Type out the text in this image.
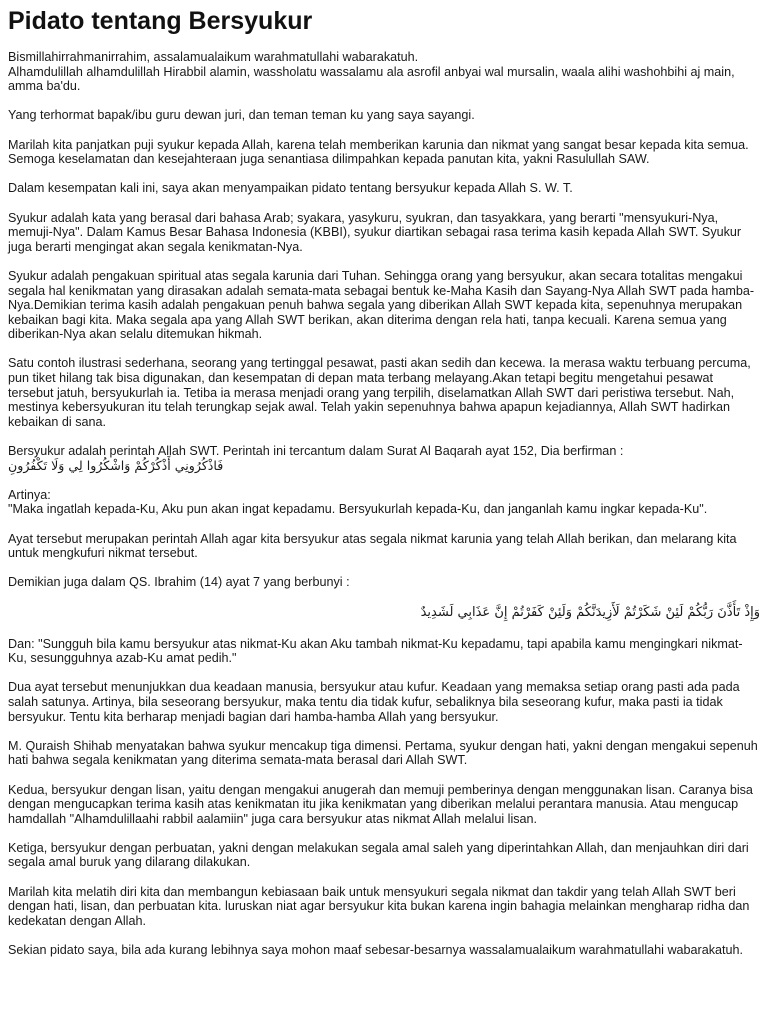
Pidato tentang Bersyukur

Bismillahirrahmanirrahim, assalamualaikum warahmatullahi wabarakatuh.
Alhamdulillah alhamdulillah Hirabbil alamin, wassholatu wassalamu ala asrofil anbyai wal mursalin, waala alihi washohbihi aj main, amma ba'du.

Yang terhormat bapak/ibu guru dewan juri, dan teman teman ku yang saya sayangi.

Marilah kita panjatkan puji syukur kepada Allah, karena telah memberikan karunia dan nikmat yang sangat besar kepada kita semua. Semoga keselamatan dan kesejahteraan juga senantiasa dilimpahkan kepada panutan kita, yakni Rasulullah SAW.

Dalam kesempatan kali ini, saya akan menyampaikan pidato tentang bersyukur kepada Allah S. W. T.

Syukur adalah kata yang berasal dari bahasa Arab; syakara, yasykuru, syukran, dan tasyakkara, yang berarti "mensyukuri-Nya, memuji-Nya". Dalam Kamus Besar Bahasa Indonesia (KBBI), syukur diartikan sebagai rasa terima kasih kepada Allah SWT. Syukur juga berarti mengingat akan segala kenikmatan-Nya.

Syukur adalah pengakuan spiritual atas segala karunia dari Tuhan. Sehingga orang yang bersyukur, akan secara totalitas mengakui segala hal kenikmatan yang dirasakan adalah semata-mata sebagai bentuk ke-Maha Kasih dan Sayang-Nya Allah SWT pada hamba-Nya.Demikian terima kasih adalah pengakuan penuh bahwa segala yang diberikan Allah SWT kepada kita, sepenuhnya merupakan kebaikan bagi kita. Maka segala apa yang Allah SWT berikan, akan diterima dengan rela hati, tanpa kecuali. Karena semua yang diberikan-Nya akan selalu ditemukan hikmah.

Satu contoh ilustrasi sederhana, seorang yang tertinggal pesawat, pasti akan sedih dan kecewa. Ia merasa waktu terbuang percuma, pun tiket hilang tak bisa digunakan, dan kesempatan di depan mata terbang melayang.Akan tetapi begitu mengetahui pesawat tersebut jatuh, bersyukurlah ia. Tetiba ia merasa menjadi orang yang terpilih, diselamatkan Allah SWT dari peristiwa tersebut. Nah, mestinya kebersyukuran itu telah terungkap sejak awal. Telah yakin sepenuhnya bahwa apapun kejadiannya, Allah SWT hadirkan kebaikan di sana.

Bersyukur adalah perintah Allah SWT. Perintah ini tercantum dalam Surat Al Baqarah ayat 152, Dia berfirman :
فَاذْكُرُونِي أَذْكُرْكُمْ وَاشْكُرُوا لِي وَلَا تَكْفُرُونِ

Artinya:
"Maka ingatlah kepada-Ku, Aku pun akan ingat kepadamu. Bersyukurlah kepada-Ku, dan janganlah kamu ingkar kepada-Ku".

Ayat tersebut merupakan perintah Allah agar kita bersyukur atas segala nikmat karunia yang telah Allah berikan, dan melarang kita untuk mengkufuri nikmat tersebut.

Demikian juga dalam QS. Ibrahim (14) ayat 7 yang berbunyi :

وَإِذْ تَأَذَّنَ رَبُّكُمْ لَئِنْ شَكَرْتُمْ لَأَزِيدَنَّكُمْ وَلَئِنْ كَفَرْتُمْ إِنَّ عَذَابِي لَشَدِيدٌ

Dan: "Sungguh bila kamu bersyukur atas nikmat-Ku akan Aku tambah nikmat-Ku kepadamu, tapi apabila kamu mengingkari nikmat-Ku, sesungguhnya azab-Ku amat pedih."

Dua ayat tersebut menunjukkan dua keadaan manusia, bersyukur atau kufur. Keadaan yang memaksa setiap orang pasti ada pada salah satunya. Artinya, bila seseorang bersyukur, maka tentu dia tidak kufur, sebaliknya bila seseorang kufur, maka pasti ia tidak bersyukur. Tentu kita berharap menjadi bagian dari hamba-hamba Allah yang bersyukur.

M. Quraish Shihab menyatakan bahwa syukur mencakup tiga dimensi. Pertama, syukur dengan hati, yakni dengan mengakui sepenuh hati bahwa segala kenikmatan yang diterima semata-mata berasal dari Allah SWT.

Kedua, bersyukur dengan lisan, yaitu dengan mengakui anugerah dan memuji pemberinya dengan menggunakan lisan. Caranya bisa dengan mengucapkan terima kasih atas kenikmatan itu jika kenikmatan yang diberikan melalui perantara manusia. Atau mengucap hamdallah "Alhamdulillaahi rabbil aalamiin" juga cara bersyukur atas nikmat Allah melalui lisan.

Ketiga, bersyukur dengan perbuatan, yakni dengan melakukan segala amal saleh yang diperintahkan Allah, dan menjauhkan diri dari segala amal buruk yang dilarang dilakukan.

Marilah kita melatih diri kita dan membangun kebiasaan baik untuk mensyukuri segala nikmat dan takdir yang telah Allah SWT beri dengan hati, lisan, dan perbuatan kita. luruskan niat agar bersyukur kita bukan karena ingin bahagia melainkan mengharap ridha dan kedekatan dengan Allah.

Sekian pidato saya, bila ada kurang lebihnya saya mohon maaf sebesar-besarnya wassalamualaikum warahmatullahi wabarakatuh.
